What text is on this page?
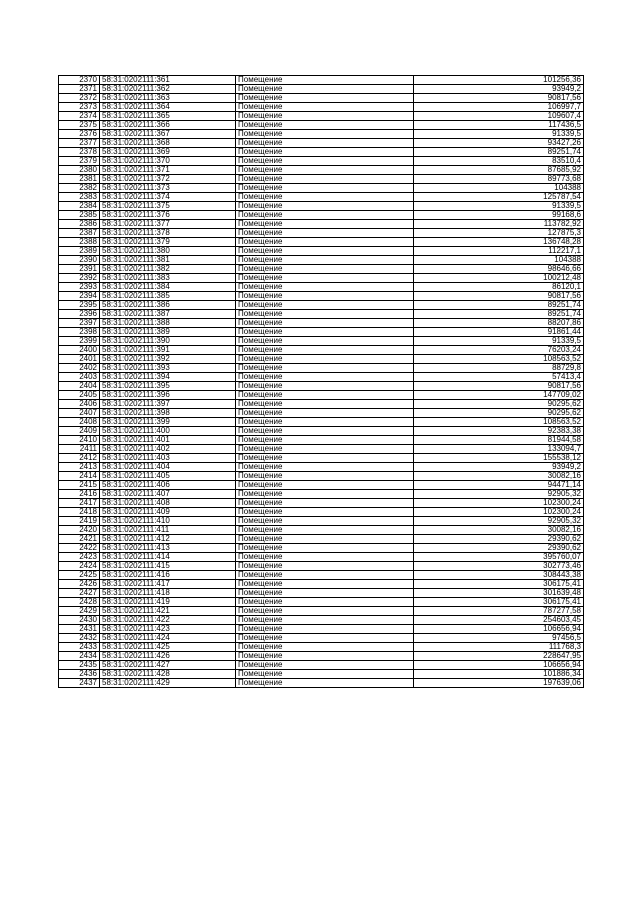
2370	58:31:0202111:361	Помещение	101256,36
2371	58:31:0202111:362	Помещение	93949,2
2372	58:31:0202111:363	Помещение	90817,56
2373	58:31:0202111:364	Помещение	106997,7
2374	58:31:0202111:365	Помещение	109607,4
2375	58:31:0202111:366	Помещение	117436,5
2376	58:31:0202111:367	Помещение	91339,5
2377	58:31:0202111:368	Помещение	93427,26
2378	58:31:0202111:369	Помещение	89251,74
2379	58:31:0202111:370	Помещение	83510,4
2380	58:31:0202111:371	Помещение	87685,92
2381	58:31:0202111:372	Помещение	89773,68
2382	58:31:0202111:373	Помещение	104388
2383	58:31:0202111:374	Помещение	125787,54
2384	58:31:0202111:375	Помещение	91339,5
2385	58:31:0202111:376	Помещение	99168,6
2386	58:31:0202111:377	Помещение	113782,92
2387	58:31:0202111:378	Помещение	127875,3
2388	58:31:0202111:379	Помещение	136748,28
2389	58:31:0202111:380	Помещение	112217,1
2390	58:31:0202111:381	Помещение	104388
2391	58:31:0202111:382	Помещение	98646,66
2392	58:31:0202111:383	Помещение	100212,48
2393	58:31:0202111:384	Помещение	86120,1
2394	58:31:0202111:385	Помещение	90817,56
2395	58:31:0202111:386	Помещение	89251,74
2396	58:31:0202111:387	Помещение	89251,74
2397	58:31:0202111:388	Помещение	88207,86
2398	58:31:0202111:389	Помещение	91861,44
2399	58:31:0202111:390	Помещение	91339,5
2400	58:31:0202111:391	Помещение	76203,24
2401	58:31:0202111:392	Помещение	108563,52
2402	58:31:0202111:393	Помещение	88729,8
2403	58:31:0202111:394	Помещение	57413,4
2404	58:31:0202111:395	Помещение	90817,56
2405	58:31:0202111:396	Помещение	147709,02
2406	58:31:0202111:397	Помещение	90295,62
2407	58:31:0202111:398	Помещение	90295,62
2408	58:31:0202111:399	Помещение	108563,52
2409	58:31:0202111:400	Помещение	92383,38
2410	58:31:0202111:401	Помещение	81944,58
2411	58:31:0202111:402	Помещение	133094,7
2412	58:31:0202111:403	Помещение	155538,12
2413	58:31:0202111:404	Помещение	93949,2
2414	58:31:0202111:405	Помещение	30082,16
2415	58:31:0202111:406	Помещение	94471,14
2416	58:31:0202111:407	Помещение	92905,32
2417	58:31:0202111:408	Помещение	102300,24
2418	58:31:0202111:409	Помещение	102300,24
2419	58:31:0202111:410	Помещение	92905,32
2420	58:31:0202111:411	Помещение	30082,16
2421	58:31:0202111:412	Помещение	29390,62
2422	58:31:0202111:413	Помещение	29390,62
2423	58:31:0202111:414	Помещение	395760,07
2424	58:31:0202111:415	Помещение	302773,46
2425	58:31:0202111:416	Помещение	308443,38
2426	58:31:0202111:417	Помещение	306175,41
2427	58:31:0202111:418	Помещение	301639,48
2428	58:31:0202111:419	Помещение	306175,41
2429	58:31:0202111:421	Помещение	787277,58
2430	58:31:0202111:422	Помещение	254603,45
2431	58:31:0202111:423	Помещение	106656,94
2432	58:31:0202111:424	Помещение	97456,5
2433	58:31:0202111:425	Помещение	111768,3
2434	58:31:0202111:426	Помещение	228647,95
2435	58:31:0202111:427	Помещение	106656,94
2436	58:31:0202111:428	Помещение	101886,34
2437	58:31:0202111:429	Помещение	197639,06
